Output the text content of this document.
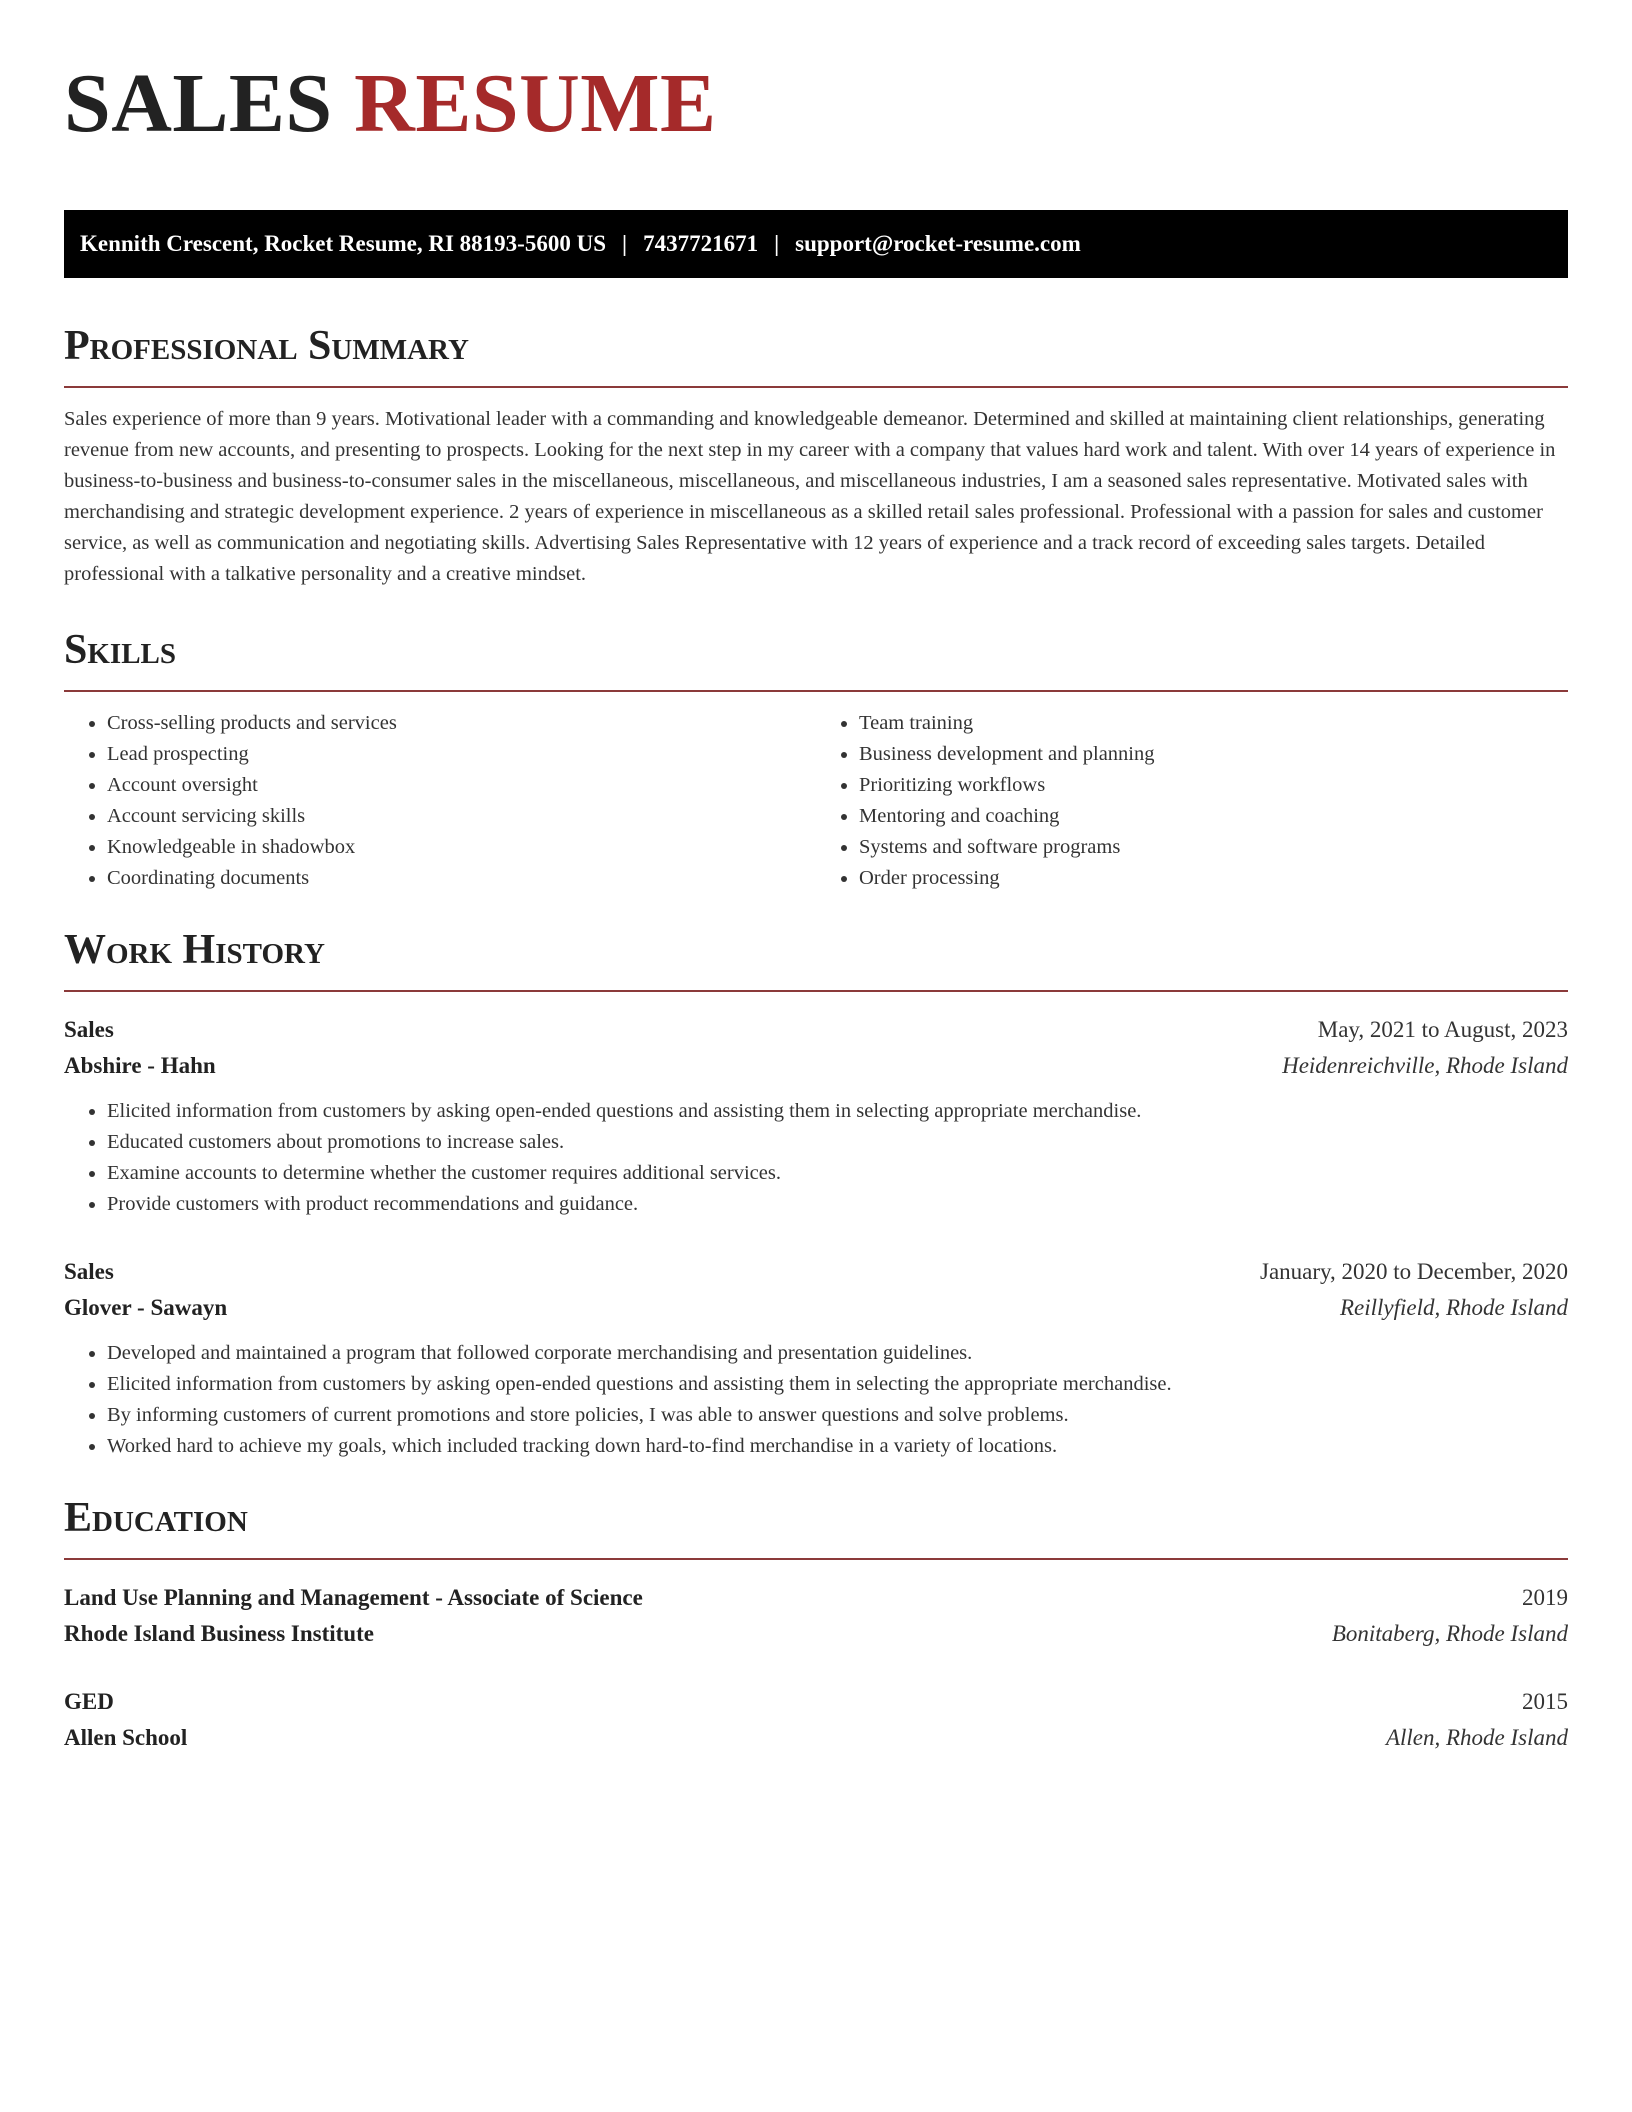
SALES RESUME
Kennith Crescent, Rocket Resume, RI 88193-5600 US | 7437721671 | support@rocket-resume.com
Professional Summary

Sales experience of more than 9 years. Motivational leader with a commanding and knowledgeable demeanor. Determined and skilled at maintaining client relationships, generating revenue from new accounts, and presenting to prospects. Looking for the next step in my career with a company that values hard work and talent. With over 14 years of experience in business-to-business and business-to-consumer sales in the miscellaneous, miscellaneous, and miscellaneous industries, I am a seasoned sales representative. Motivated sales with merchandising and strategic development experience. 2 years of experience in miscellaneous as a skilled retail sales professional. Professional with a passion for sales and customer service, as well as communication and negotiating skills. Advertising Sales Representative with 12 years of experience and a track record of exceeding sales targets. Detailed professional with a talkative personality and a creative mindset.

Skills
• Cross-selling products and services
• Lead prospecting
• Account oversight
• Account servicing skills
• Knowledgeable in shadowbox
• Coordinating documents
• Team training
• Business development and planning
• Prioritizing workflows
• Mentoring and coaching
• Systems and software programs
• Order processing
Work History
Sales	May, 2021 to August, 2023
Abshire - Hahn	Heidenreichville, Rhode Island
• Elicited information from customers by asking open-ended questions and assisting them in selecting appropriate merchandise.
• Educated customers about promotions to increase sales.
• Examine accounts to determine whether the customer requires additional services.
• Provide customers with product recommendations and guidance.
Sales	January, 2020 to December, 2020
Glover - Sawayn	Reillyfield, Rhode Island
• Developed and maintained a program that followed corporate merchandising and presentation guidelines.
• Elicited information from customers by asking open-ended questions and assisting them in selecting the appropriate merchandise.
• By informing customers of current promotions and store policies, I was able to answer questions and solve problems.
• Worked hard to achieve my goals, which included tracking down hard-to-find merchandise in a variety of locations.
Education
Land Use Planning and Management - Associate of Science	2019
Rhode Island Business Institute	Bonitaberg, Rhode Island
GED	2015
Allen School	Allen, Rhode Island
